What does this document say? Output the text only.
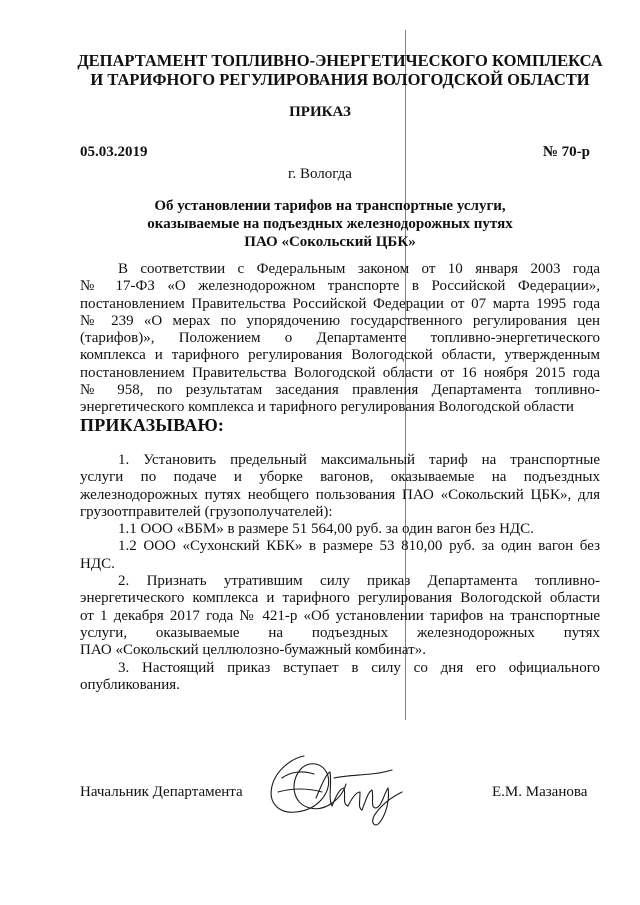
ДЕПАРТАМЕНТ ТОПЛИВНО-ЭНЕРГЕТИЧЕСКОГО КОМПЛЕКСА
И ТАРИФНОГО РЕГУЛИРОВАНИЯ ВОЛОГОДСКОЙ ОБЛАСТИ
ПРИКАЗ
05.03.2019	№ 70-р
г. Вологда
Об установлении тарифов на транспортные услуги,
оказываемые на подъездных железнодорожных путях
ПАО «Сокольский ЦБК»
В соответствии с Федеральным законом от 10 января 2003 года
№ 17-ФЗ «О железнодорожном транспорте в Российской Федерации»,
постановлением Правительства Российской Федерации от 07 марта 1995 года
№ 239 «О мерах по упорядочению государственного регулирования цен
(тарифов)», Положением о Департаменте топливно-энергетического
комплекса и тарифного регулирования Вологодской области, утвержденным
постановлением Правительства Вологодской области от 16 ноября 2015 года
№ 958, по результатам заседания правления Департамента топливно-
энергетического комплекса и тарифного регулирования Вологодской области
ПРИКАЗЫВАЮ:
1. Установить предельный максимальный тариф на транспортные
услуги по подаче и уборке вагонов, оказываемые на подъездных
железнодорожных путях необщего пользования ПАО «Сокольский ЦБК», для
грузоотправителей (грузополучателей):
1.1 ООО «ВБМ» в размере 51 564,00 руб. за один вагон без НДС.
1.2 ООО «Сухонский КБК» в размере 53 810,00 руб. за один вагон без
НДС.
2. Признать утратившим силу приказ Департамента топливно-
энергетического комплекса и тарифного регулирования Вологодской области
от 1 декабря 2017 года № 421-р «Об установлении тарифов на транспортные
услуги, оказываемые на подъездных железнодорожных путях
ПАО «Сокольский целлюлозно-бумажный комбинат».
3. Настоящий приказ вступает в силу со дня его официального
опубликования.
Начальник Департамента	Е.М. Мазанова
